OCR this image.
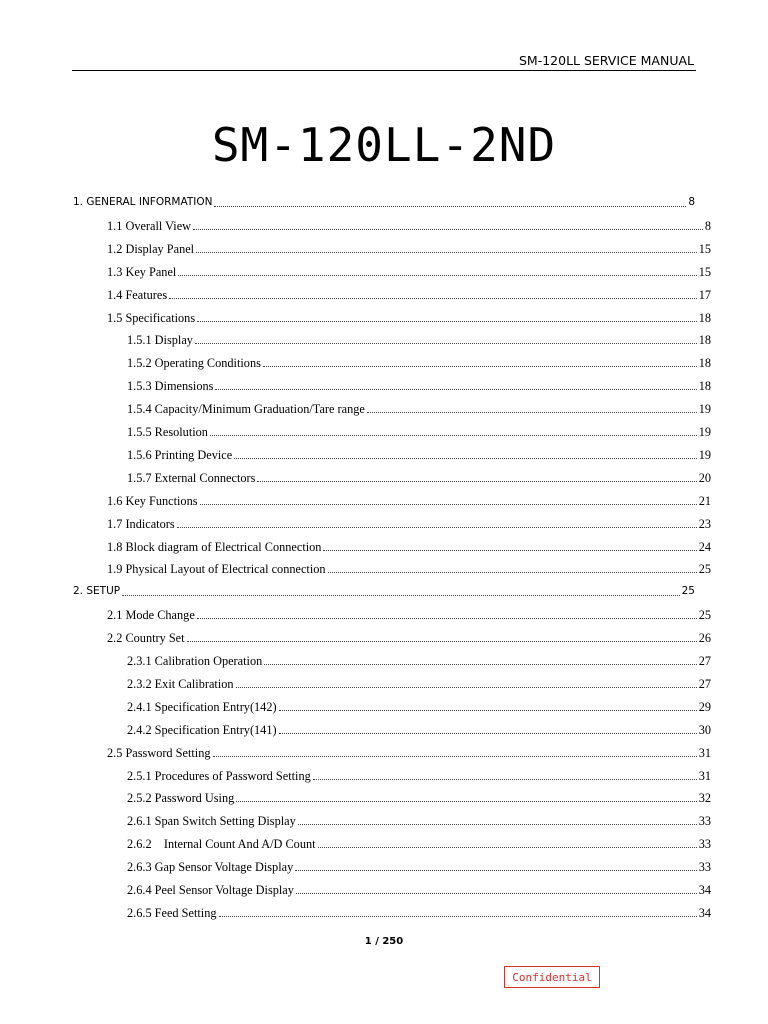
SM-120LL SERVICE MANUAL
SM-120LL-2ND
1. GENERAL INFORMATION	8
1.1 Overall View	8
1.2 Display Panel	15
1.3 Key Panel	15
1.4 Features	17
1.5 Specifications	18
1.5.1 Display	18
1.5.2 Operating Conditions	18
1.5.3 Dimensions	18
1.5.4 Capacity/Minimum Graduation/Tare range	19
1.5.5 Resolution	19
1.5.6 Printing Device	19
1.5.7 External Connectors	20
1.6 Key Functions	21
1.7 Indicators	23
1.8 Block diagram of Electrical Connection	24
1.9 Physical Layout of Electrical connection	25
2. SETUP	25
2.1 Mode Change	25
2.2 Country Set	26
2.3.1 Calibration Operation	27
2.3.2 Exit Calibration	27
2.4.1 Specification Entry(142)	29
2.4.2 Specification Entry(141)	30
2.5 Password Setting	31
2.5.1 Procedures of Password Setting	31
2.5.2 Password Using	32
2.6.1 Span Switch Setting Display	33
2.6.2    Internal Count And A/D Count	33
2.6.3 Gap Sensor Voltage Display	33
2.6.4 Peel Sensor Voltage Display	34
2.6.5 Feed Setting	34
1 / 250
Confidential
